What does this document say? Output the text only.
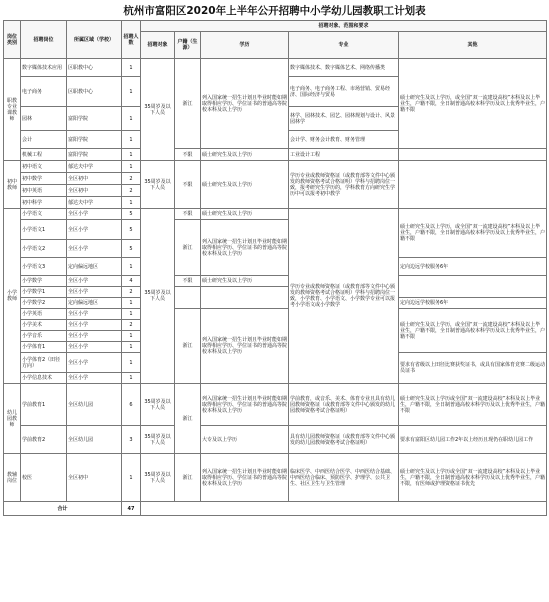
杭州市富阳区2020年上半年公开招聘中小学幼儿园教职工计划表
岗位类别	招聘岗位	所属区域（学校）	招聘人数	招聘对象、范围和要求				
				招聘对象	户籍（生源）	学历	专业	其他
职教专业课教师	数字媒体技术应用	区职教中心	1	35周岁及以下人员	浙江	列入国家统一招生计划且毕业时能如期取得相应学历、学位证书的普通高等院校本科及以上学历	数字媒体技术、数字媒体艺术、网络传播类	硕士研究生及以上学历，或全国“双一流建设高校”本科及以上毕业生，户籍不限，全日制普通高校本科学历及以上优秀毕业生，户籍不限
	电子商务	区职教中心	1				电子商务、电子商务工程、市场营销、贸易经济、国际经济与贸易	
	园林	富阳学院	1				林学、园林技术、园艺、园林规划与设计、风景园林学	
	会计	富阳学院	1				会计学、财务会计教育、财务管理	
	机械工程	富阳学院	1		不限	硕士研究生及以上学历	工业设计工程	
初中教师	初中语文	郁达夫中学	1	35周岁及以下人员	不限	硕士研究生及以上学历	学历专业或教师资格证（或教育部等文件中心颁发的教师资格考试合格证明）学科与招聘岗位一致，报考研究生学历的，学科教育方向研究生学历中可以报考初中教学	
	初中数学	全区初中	2					
	初中英语	全区初中	2					
	初中科学	郁达夫中学	1					
小学教师	小学语文	全区小学	5	35周岁及以下人员	不限	硕士研究生及以上学历	学历专业或教师资格证（或教育部等文件中心颁发的教师资格考试合格证明）学科与招聘岗位一致，小学教育、小学语文、小学数学专业可以报考小学语文或小学数学	硕士研究生及以上学历，或全国“双一流建设高校”本科及以上毕业生，户籍不限，全日制普通高校本科学历及以上优秀毕业生，户籍不限
	小学语文1	全区小学	5		浙江	列入国家统一招生计划且毕业时能如期取得相应学历、学位证书的普通高等院校本科及以上学历		
	小学语文2	全区小学	5					
	小学语文3	定向偏远地区	1					定向边远学校服务6年
	小学数学	全区小学	4		不限	硕士研究生及以上学历		
	小学数学1	全区小学	2					
	小学数学2	定向偏远地区	1					定向边远学校服务6年
	小学英语	全区小学	1		浙江	列入国家统一招生计划且毕业时能如期取得相应学历、学位证书的普通高等院校本科及以上学历		硕士研究生及以上学历，或全国“双一流建设高校”本科及以上毕业生，户籍不限，全日制普通高校本科学历及以上优秀毕业生，户籍不限
	小学美术	全区小学	2					
	小学音乐	全区小学	1					
	小学体育1	全区小学	1					
	小学体育2（田径方向）	全区小学	1					要求有省级以上田径比赛获奖证书，或具有国家体育竞赛二级运动员证书
	小学信息技术	全区小学	1					
幼儿园教师	学前教育1	全区幼儿园	6	35周岁及以下人员	浙江	列入国家统一招生计划且毕业时能如期取得相应学历、学位证书的普通高等院校本科及以上学历	学前教育，或音乐、美术、体育专业且具有幼儿园教师资格证（或教育部等文件中心颁发的幼儿园教师资格考试合格证明）	硕士研究生及以上学历或全国“双一流建设高校”本科及以上毕业生，户籍不限，全日制普通高校本科学历及以上优秀毕业生，户籍不限
	学前教育2	全区幼儿园	3	35周岁及以下人员		大专及以上学历	具有幼儿园教师资格证（或教育部等文件中心颁发的幼儿园教师资格考试合格证明）	要求有富阳区幼儿园工作2年以上经历且现仍在职幼儿园工作
教辅岗位	校医	全区初中	1	35周岁及以下人员	浙江	列入国家统一招生计划且毕业时能如期取得相应学历、学位证书的普通高等院校本科及以上学历	临床医学、中西医结合医学、中西医结合基础、中西医结合临床、预防医学、护理学、公共卫生、社区卫生与卫生管理	硕士研究生及以上学历或全国“双一流建设高校”本科及以上毕业生，户籍不限，全日制普通高校本科学历及以上优秀毕业生，户籍不限，有医师或护理资格证书优先
合计			47					
